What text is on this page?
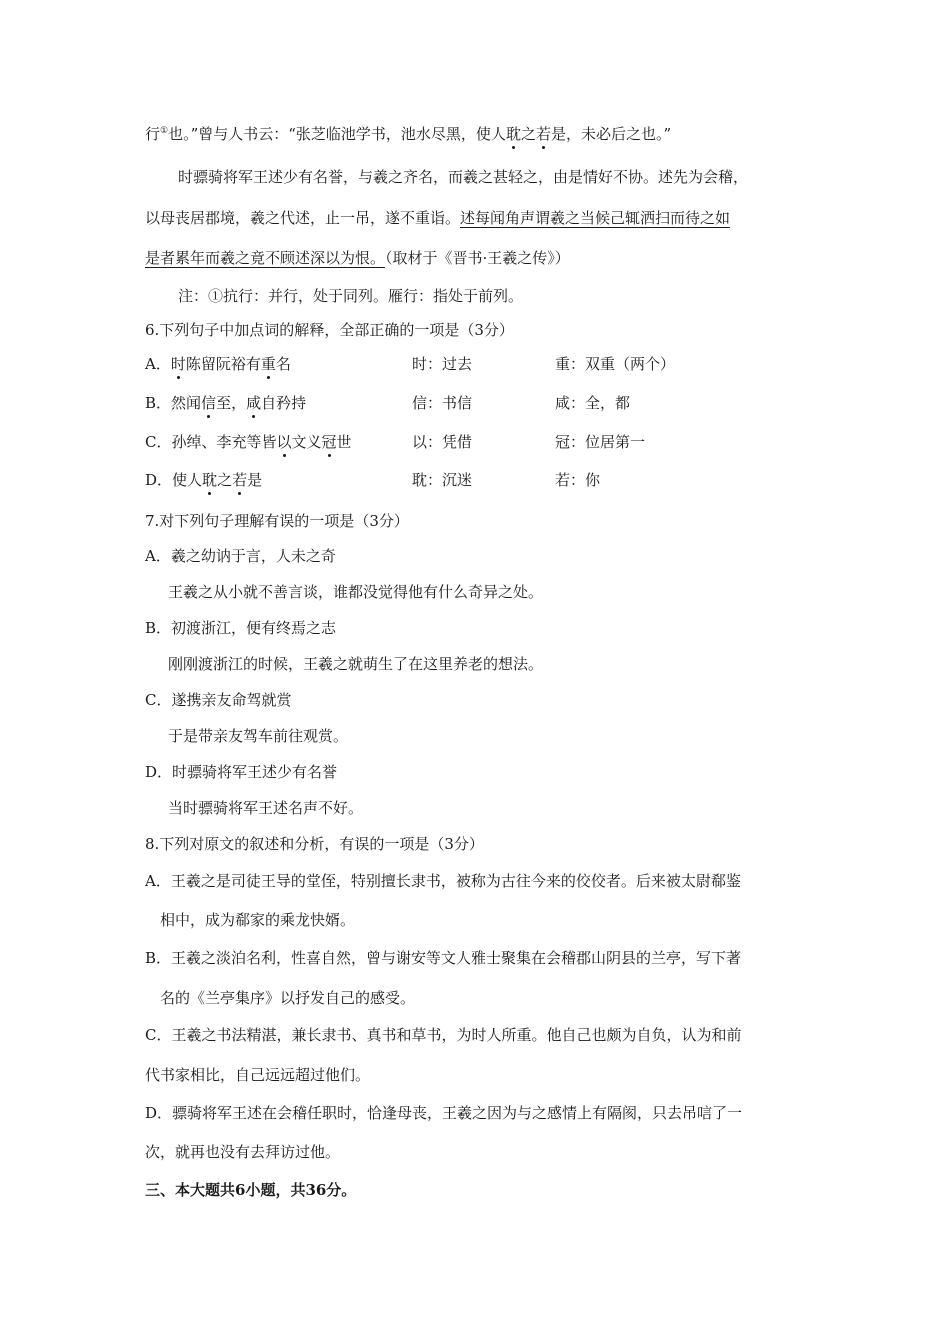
行①也。”曾与人书云：“张芝临池学书，池水尽黑，使人耽之若是，未必后之也。”
时骠骑将军王述少有名誉，与羲之齐名，而羲之甚轻之，由是情好不协。述先为会稽，
以母丧居郡境，羲之代述，止一吊，遂不重诣。述每闻角声谓羲之当候己辄洒扫而待之如
是者累年而羲之竟不顾述深以为恨。（取材于《晋书·王羲之传》）
注：①抗行：并行，处于同列。雁行：指处于前列。
6.下列句子中加点词的解释，全部正确的一项是（3分）
A．时陈留阮裕有重名	时：过去	重：双重（两个）
B．然闻信至，咸自矜持	信：书信	咸：全，都
C．孙绰、李充等皆以文义冠世	以：凭借	冠：位居第一
D．使人耽之若是	耽：沉迷	若：你
7.对下列句子理解有误的一项是（3分）
A．羲之幼讷于言，人未之奇
王羲之从小就不善言谈，谁都没觉得他有什么奇异之处。
B．初渡浙江，便有终焉之志
刚刚渡浙江的时候，王羲之就萌生了在这里养老的想法。
C．遂携亲友命驾就赏
于是带亲友驾车前往观赏。
D．时骠骑将军王述少有名誉
当时骠骑将军王述名声不好。
8.下列对原文的叙述和分析，有误的一项是（3分）
A．王羲之是司徒王导的堂侄，特别擅长隶书，被称为古往今来的佼佼者。后来被太尉郗鉴
相中，成为郗家的乘龙快婿。
B．王羲之淡泊名利，性喜自然，曾与谢安等文人雅士聚集在会稽郡山阴县的兰亭，写下著
名的《兰亭集序》以抒发自己的感受。
C．王羲之书法精湛，兼长隶书、真书和草书，为时人所重。他自己也颇为自负，认为和前
代书家相比，自己远远超过他们。
D．骠骑将军王述在会稽任职时，恰逢母丧，王羲之因为与之感情上有隔阂，只去吊唁了一
次，就再也没有去拜访过他。
三、本大题共6小题，共36分。
